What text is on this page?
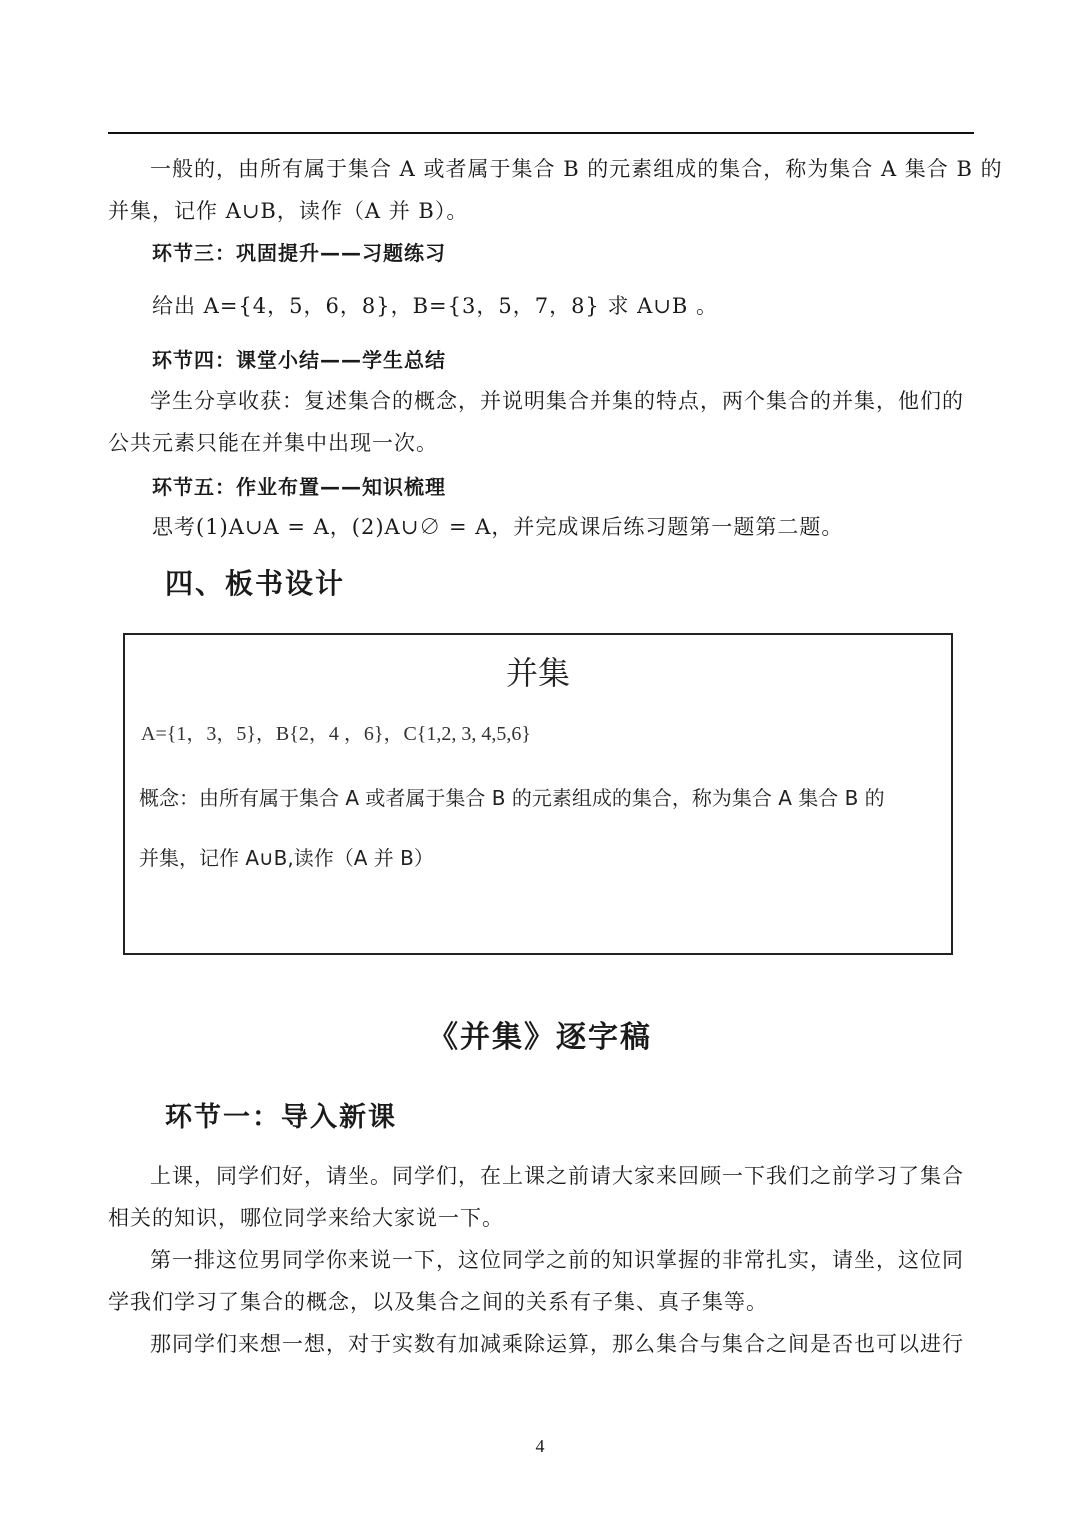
一般的，由所有属于集合 A 或者属于集合 B 的元素组成的集合，称为集合 A 集合 B 的
并集，记作 A∪B，读作（A 并 B）。

环节三：巩固提升——习题练习
给出 A={4，5，6，8}，B={3，5，7，8} 求 A∪B 。
环节四：课堂小结——学生总结

学生分享收获：复述集合的概念，并说明集合并集的特点，两个集合的并集，他们的
公共元素只能在并集中出现一次。

环节五：作业布置——知识梳理
思考(1)A∪A = A，(2)A∪∅ = A，并完成课后练习题第一题第二题。
四、板书设计
并集
A={1，3，5}，B{2，4 ，6}，C{1,2, 3, 4,5,6}
概念：由所有属于集合 A 或者属于集合 B 的元素组成的集合，称为集合 A 集合 B 的
并集，记作 A∪B,读作（A 并 B）
《并集》逐字稿
环节一：导入新课

上课，同学们好，请坐。同学们，在上课之前请大家来回顾一下我们之前学习了集合
相关的知识，哪位同学来给大家说一下。

第一排这位男同学你来说一下，这位同学之前的知识掌握的非常扎实，请坐，这位同
学我们学习了集合的概念，以及集合之间的关系有子集、真子集等。

那同学们来想一想，对于实数有加减乘除运算，那么集合与集合之间是否也可以进行

4
